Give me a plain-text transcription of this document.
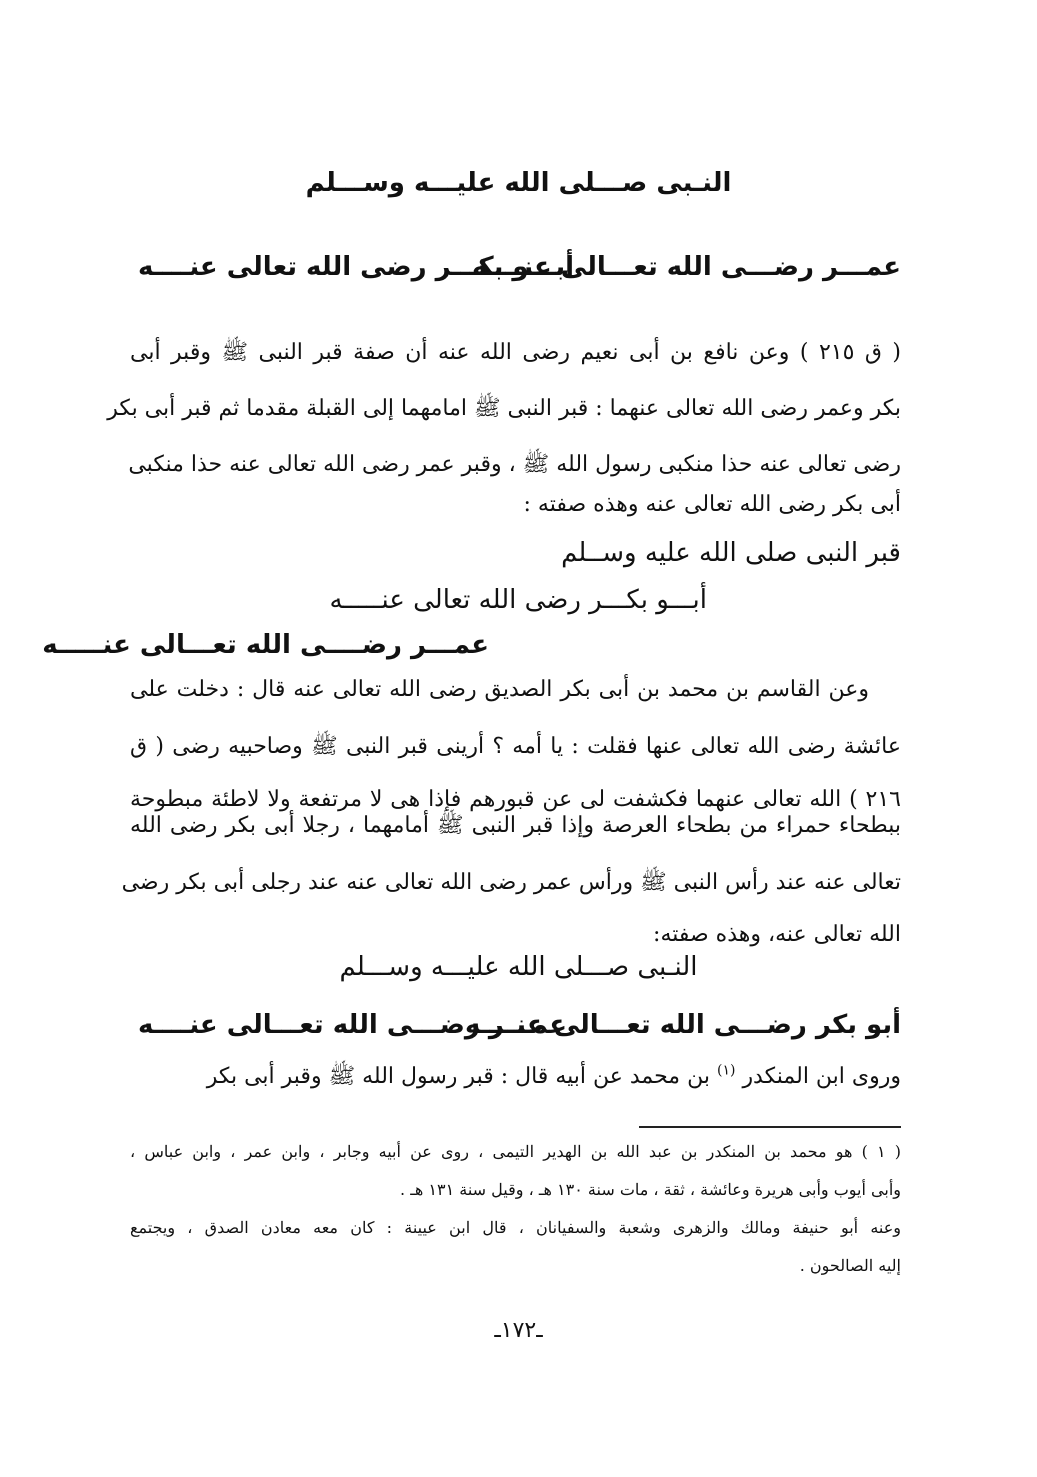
النـبى صـــلى الله عليـــه وســـلم
عمـــر رضـــى الله تعـــالى عنــــه
أبـــو بكـــر رضى الله تعالى عنــــه
( ق ٢١٥ ) وعن نافع بن أبى نعيم رضى الله عنه أن صفة قبر النبى ﷺ وقبر أبى
بكر وعمر رضى الله تعالى عنهما : قبر النبى ﷺ امامهما إلى القبلة مقدما ثم قبر أبى بكر
رضى تعالى عنه حذا منكبى رسول الله ﷺ ، وقبر عمر رضى الله تعالى عنه حذا منكبى
أبى بكر رضى الله تعالى عنه وهذه صفته :
قبر النبى صلى الله عليه وســلم
أبـــو بكـــر رضى الله تعالى عنـــــه
عمـــر رضــــى الله تعـــالى عنـــــه
وعن القاسم بن محمد بن أبى بكر الصديق رضى الله تعالى عنه قال : دخلت على
عائشة رضى الله تعالى عنها فقلت : يا أمه ؟ أرينى قبر النبى ﷺ وصاحبيه رضى ( ق
٢١٦ ) الله تعالى عنهما فكشفت لى عن قبورهم فإذا هى لا مرتفعة ولا لاطئة مبطوحة
ببطحاء حمراء من بطحاء العرصة وإذا قبر النبى ﷺ أمامهما ، رجلا أبى بكر رضى الله
تعالى عنه عند رأس النبى ﷺ ورأس عمر رضى الله تعالى عنه عند رجلى أبى بكر رضى
الله تعالى عنه، وهذه صفته:
النـبى صـــلى الله عليـــه وســـلم
أبو بكر رضـــى الله تعـــالى عنــــه
عمـــر رضـــى الله تعـــالى عنــــه
وروى ابن المنكدر $^{(١)}$ بن محمد عن أبيه قال : قبر رسول الله ﷺ وقبر أبى بكر
( ١ ) هو محمد بن المنكدر بن عبد الله بن الهدير التيمى ، روى عن أبيه وجابر ، وابن عمر ، وابن عباس ،
وأبى أيوب وأبى هريرة وعائشة ، ثقة ، مات سنة ١٣٠ هـ ، وقيل سنة ١٣١ هـ .
وعنه أبو حنيفة ومالك والزهرى وشعبة والسفيانان ، قال ابن عيينة : كان معه معادن الصدق ، ويجتمع
إليه الصالحون .
ـ١٧٢ـ
